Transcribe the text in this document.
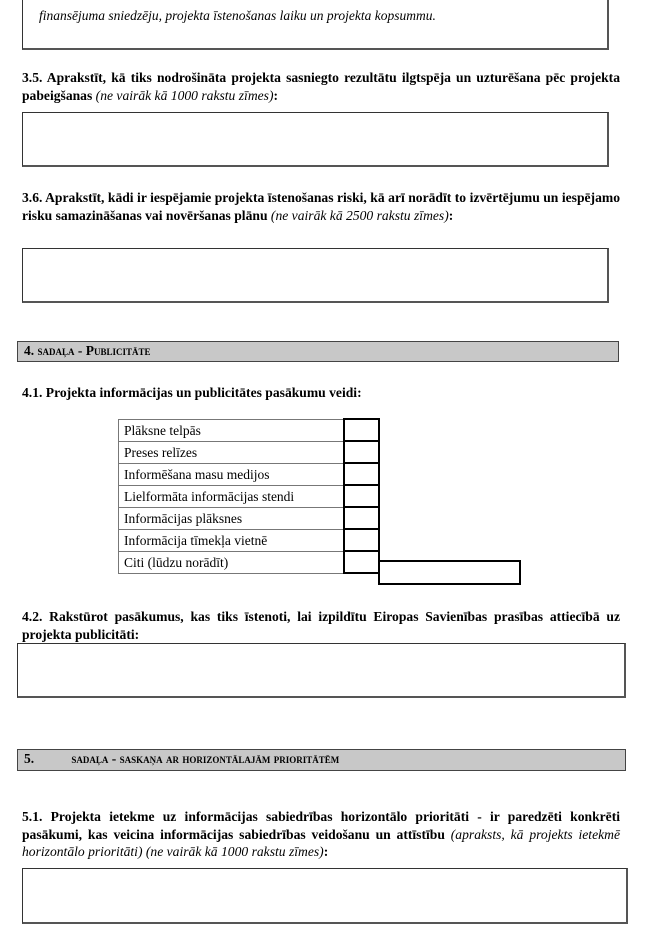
finansējuma sniedzēju, projekta īstenošanas laiku un projekta kopsummu.
3.5. Aprakstīt, kā tiks nodrošināta projekta sasniegto rezultātu ilgtspēja un uzturēšana pēc projekta pabeigšanas (ne vairāk kā 1000 rakstu zīmes):
3.6. Aprakstīt, kādi ir iespējamie projekta īstenošanas riski, kā arī norādīt to izvērtējumu un iespējamo risku samazināšanas vai novēršanas plānu (ne vairāk kā 2500 rakstu zīmes):
4. sadaļa - Publicitāte
4.1. Projekta informācijas un publicitātes pasākumu veidi:
Plāksne telpās	
Preses relīzes	
Informēšana masu medijos	
Lielformāta informācijas stendi	
Informācijas plāksnes	
Informācija tīmekļa vietnē	
Citi (lūdzu norādīt)	
4.2. Rakstūrot pasākumus, kas tiks īstenoti, lai izpildītu Eiropas Savienības prasības attiecībā uz projekta publicitāti:
5.	sadaļa - saskaņa ar horizontālajām prioritātēm
5.1. Projekta ietekme uz informācijas sabiedrības horizontālo prioritāti - ir paredzēti konkrēti pasākumi, kas veicina informācijas sabiedrības veidošanu un attīstību (apraksts, kā projekts ietekmē horizontālo prioritāti) (ne vairāk kā 1000 rakstu zīmes):
